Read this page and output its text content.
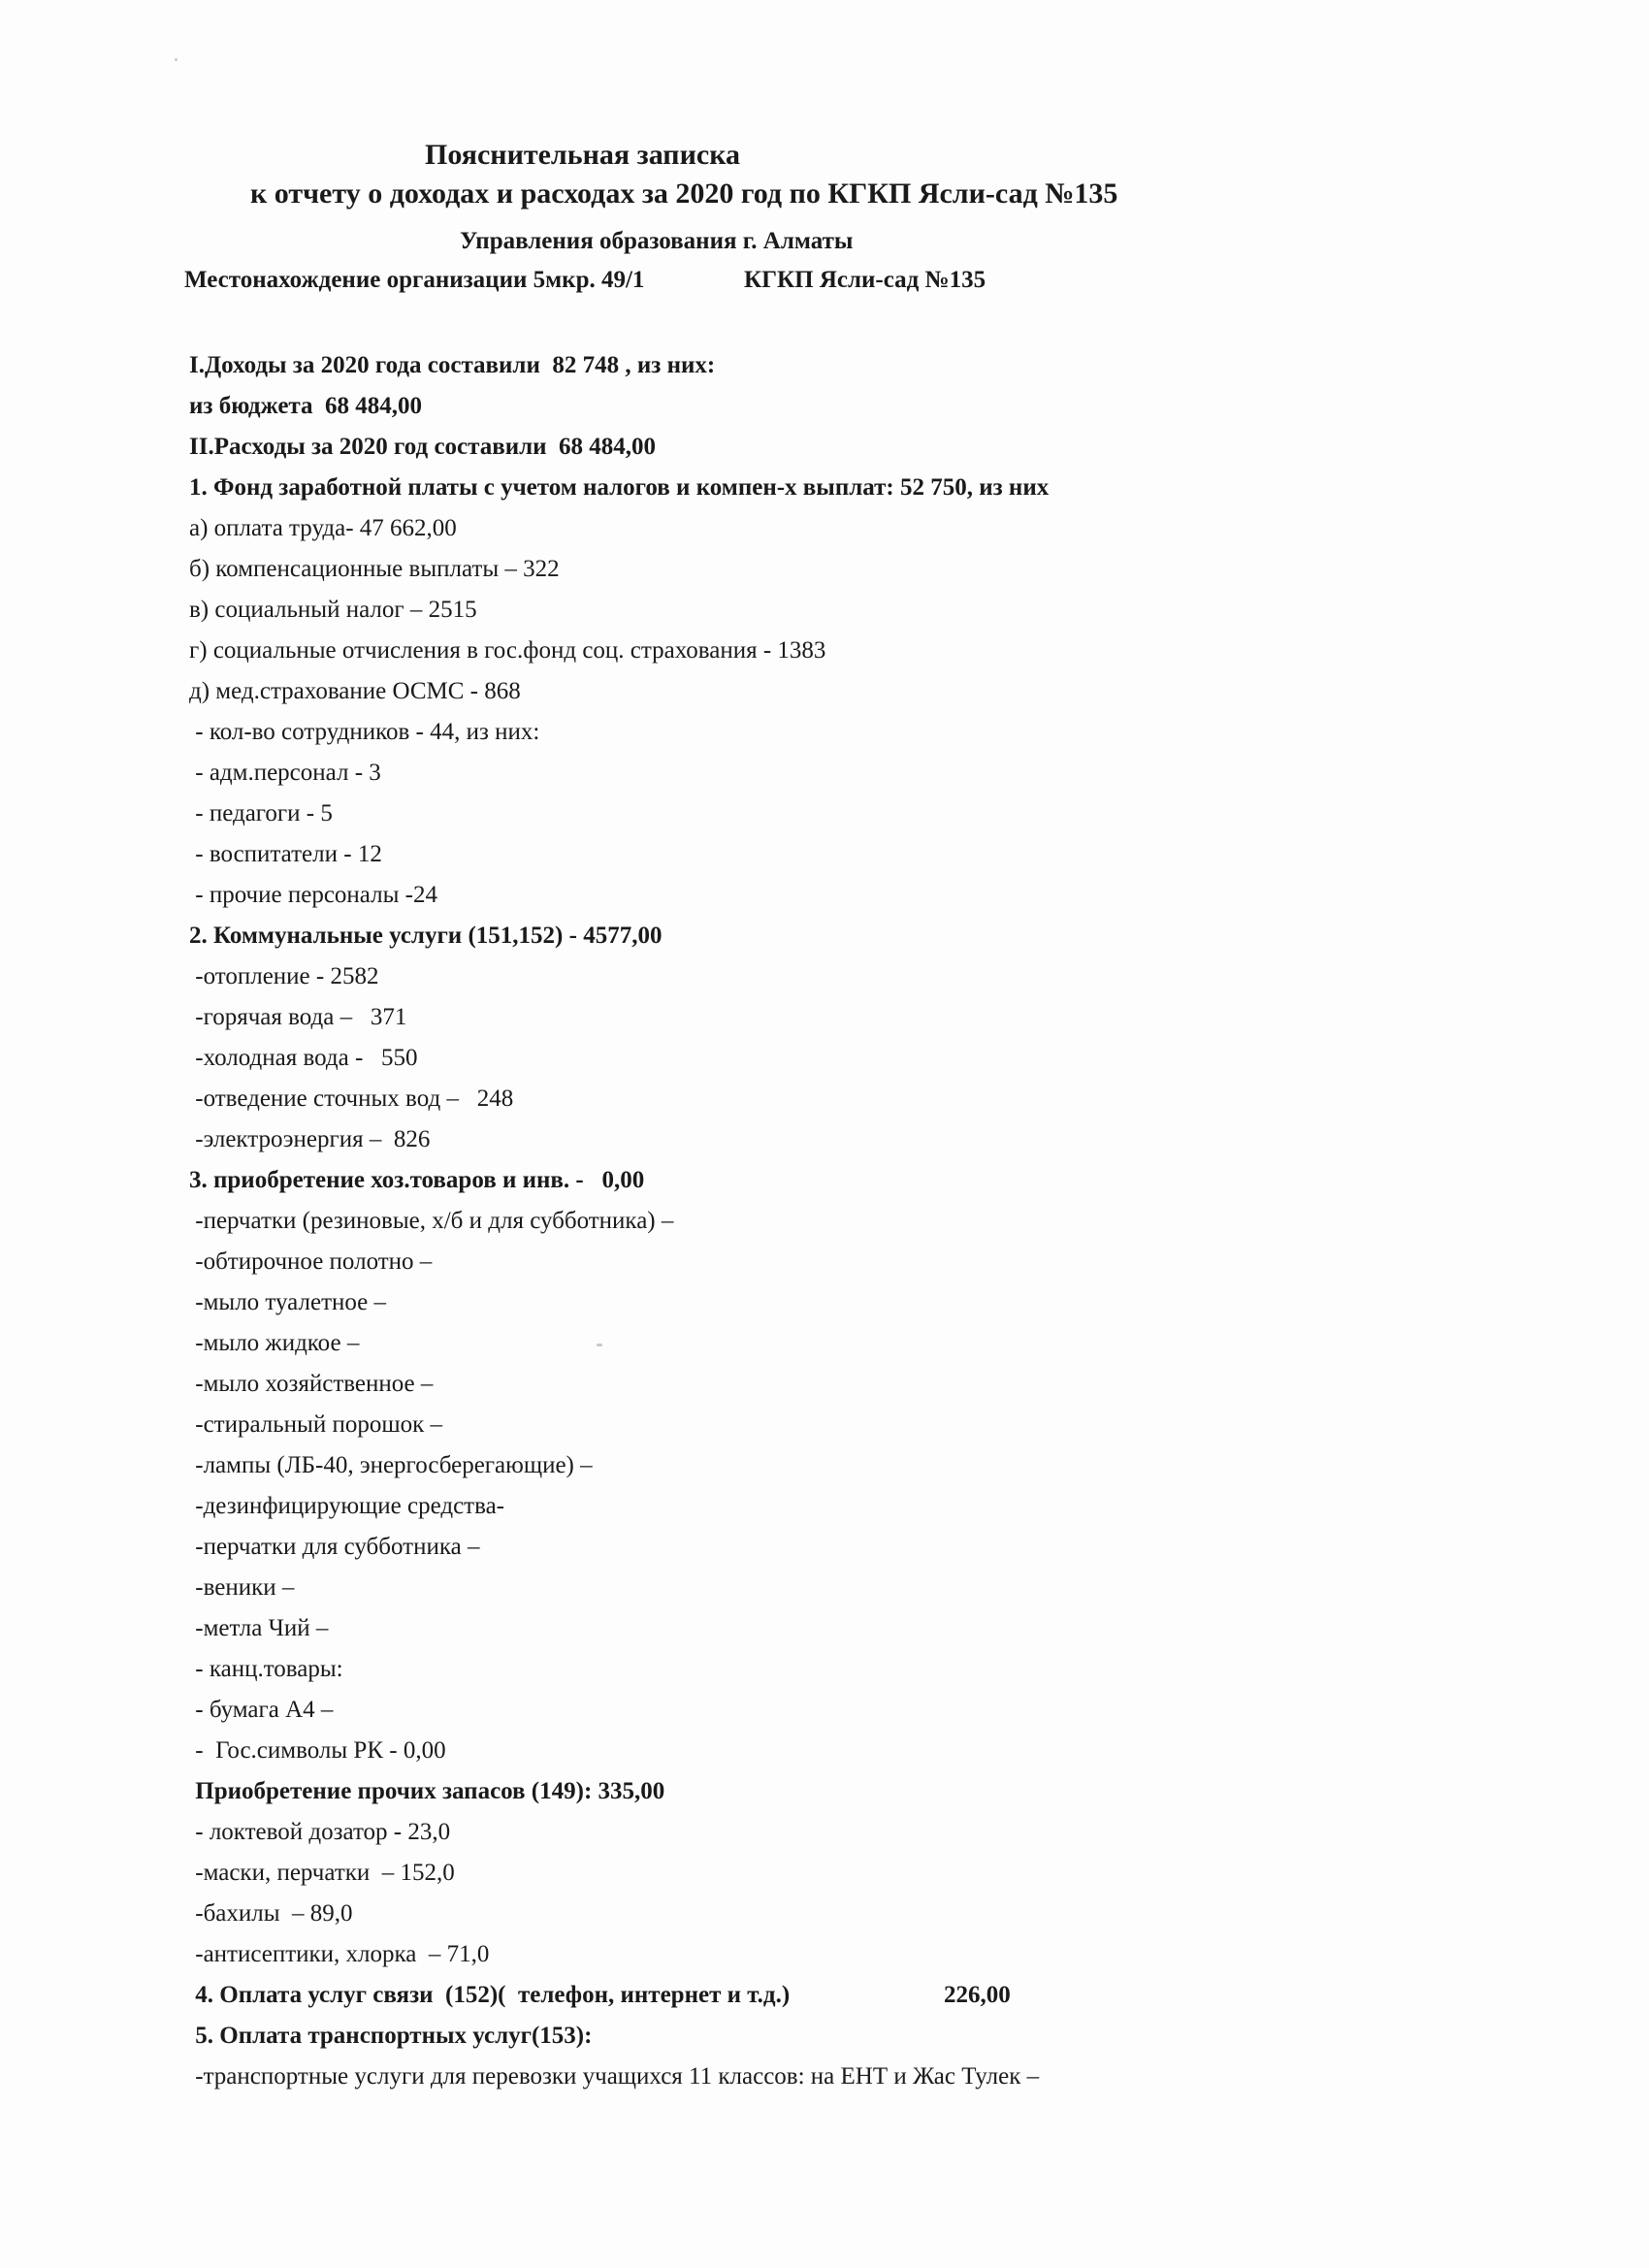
Пояснительная записка
к отчету о доходах и расходах за 2020 год по КГКП Ясли-сад №135
Управления образования г. Алматы
Местонахождение организации 5мкр. 49/1	КГКП Ясли-сад №135
I.Доходы за 2020 года составили  82 748 , из них:
из бюджета  68 484,00
II.Расходы за 2020 год составили  68 484,00
1. Фонд заработной платы с учетом налогов и компен-х выплат: 52 750, из них
а) оплата труда- 47 662,00
б) компенсационные выплаты – 322
в) социальный налог – 2515
г) социальные отчисления в гос.фонд соц. страхования - 1383
д) мед.страхование ОСМС - 868
- кол-во сотрудников - 44, из них:
- адм.персонал - 3
- педагоги - 5
- воспитатели - 12
- прочие персоналы -24
2. Коммунальные услуги (151,152) - 4577,00
-отопление - 2582
-горячая вода –   371
-холодная вода -   550
-отведение сточных вод –   248
-электроэнергия –  826
3. приобретение хоз.товаров и инв. -   0,00
-перчатки (резиновые, х/б и для субботника) –
-обтирочное полотно –
-мыло туалетное –
-мыло жидкое –
-мыло хозяйственное –
-стиральный порошок –
-лампы (ЛБ-40, энергосберегающие) –
-дезинфицирующие средства-
-перчатки для субботника –
-веники –
-метла Чий –
- канц.товары:
- бумага А4 –
-  Гос.символы РК - 0,00
Приобретение прочих запасов (149): 335,00
- локтевой дозатор - 23,0
-маски, перчатки  – 152,0
-бахилы  – 89,0
-антисептики, хлорка  – 71,0
4. Оплата услуг связи  (152)(  телефон, интернет и т.д.)	226,00
5. Оплата транспортных услуг(153):
-транспортные услуги для перевозки учащихся 11 классов: на ЕНТ и Жас Тулек –
